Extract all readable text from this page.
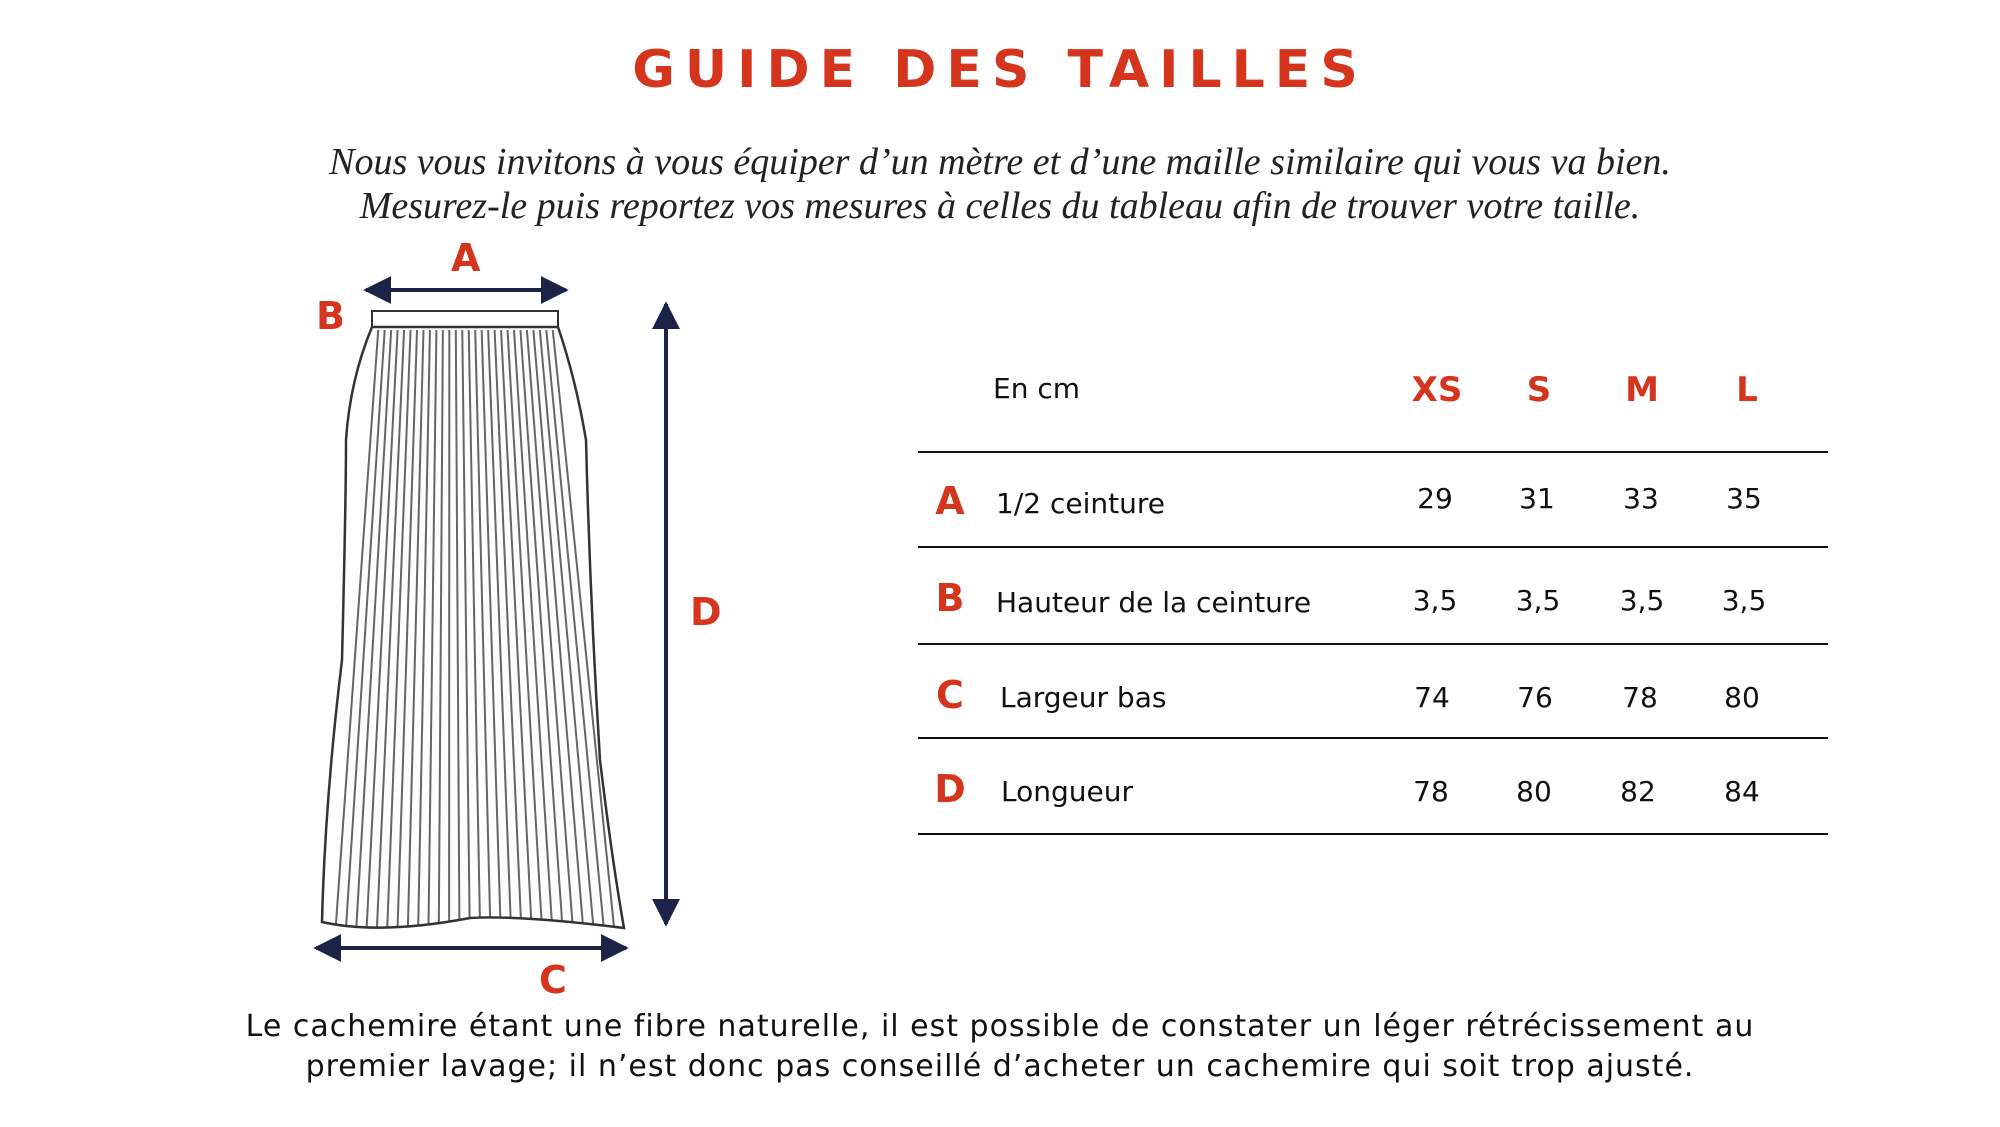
GUIDE DES TAILLES
Nous vous invitons à vous équiper d’un mètre et d’une maille similaire qui vous va bien.
Mesurez-le puis reportez vos mesures à celles du tableau afin de trouver votre taille.
A
B
D
C
En cm	XS	S	M	L
A 1/2 ceinture	29	31	33	35
B Hauteur de la ceinture	3,5	3,5	3,5	3,5
C Largeur bas	74	76	78	80
D Longueur	78	80	82	84
Le cachemire étant une fibre naturelle, il est possible de constater un léger rétrécissement au
premier lavage; il n’est donc pas conseillé d’acheter un cachemire qui soit trop ajusté.
